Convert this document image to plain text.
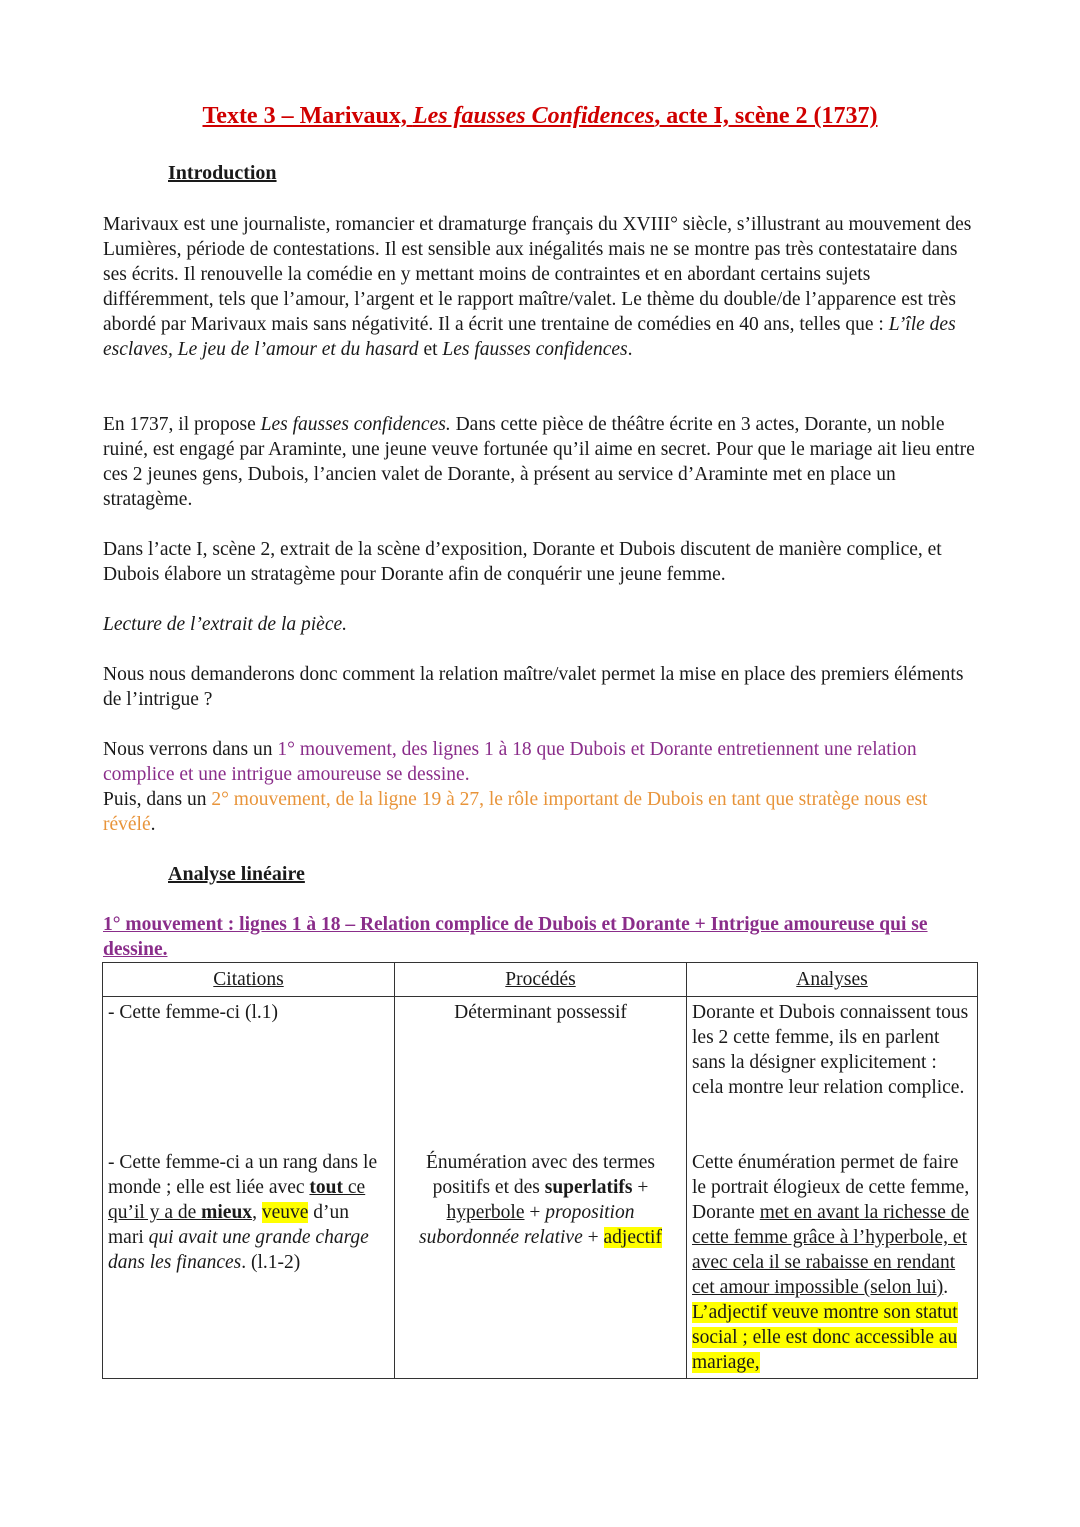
Texte 3 – Marivaux, Les fausses Confidences, acte I, scène 2 (1737)
Introduction

Marivaux est une journaliste, romancier et dramaturge français du XVIII° siècle, s’illustrant au mouvement des Lumières, période de contestations. Il est sensible aux inégalités mais ne se montre pas très contestataire dans ses écrits. Il renouvelle la comédie en y mettant moins de contraintes et en abordant certains sujets différemment, tels que l’amour, l’argent et le rapport maître/valet. Le thème du double/de l’apparence est très abordé par Marivaux mais sans négativité. Il a écrit une trentaine de comédies en 40 ans, telles que : L’île des esclaves, Le jeu de l’amour et du hasard et Les fausses confidences.

En 1737, il propose Les fausses confidences. Dans cette pièce de théâtre écrite en 3 actes, Dorante, un noble ruiné, est engagé par Araminte, une jeune veuve fortunée qu’il aime en secret. Pour que le mariage ait lieu entre ces 2 jeunes gens, Dubois, l’ancien valet de Dorante, à présent au service d’Araminte met en place un stratagème.

Dans l’acte I, scène 2, extrait de la scène d’exposition, Dorante et Dubois discutent de manière complice, et Dubois élabore un stratagème pour Dorante afin de conquérir une jeune femme.

Lecture de l’extrait de la pièce.

Nous nous demanderons donc comment la relation maître/valet permet la mise en place des premiers éléments de l’intrigue ?

Nous verrons dans un 1° mouvement, des lignes 1 à 18 que Dubois et Dorante entretiennent une relation complice et une intrigue amoureuse se dessine.
Puis, dans un 2° mouvement, de la ligne 19 à 27, le rôle important de Dubois en tant que stratège nous est révélé.

Analyse linéaire

1° mouvement : lignes 1 à 18 – Relation complice de Dubois et Dorante + Intrigue amoureuse qui se dessine.

Citations	Procédés	Analyses
- Cette femme-ci (l.1)	Déterminant possessif	Dorante et Dubois connaissent tous les 2 cette femme, ils en parlent sans la désigner explicitement : cela montre leur relation complice.
- Cette femme-ci a un rang dans le monde ; elle est liée avec tout ce qu’il y a de mieux, veuve d’un mari qui avait une grande charge dans les finances. (l.1-2)	Énumération avec des termes positifs et des superlatifs + hyperbole + proposition subordonnée relative + adjectif	Cette énumération permet de faire le portrait élogieux de cette femme, Dorante met en avant la richesse de cette femme grâce à l’hyperbole, et avec cela il se rabaisse en rendant cet amour impossible (selon lui). L’adjectif veuve montre son statut social ; elle est donc accessible au mariage,
